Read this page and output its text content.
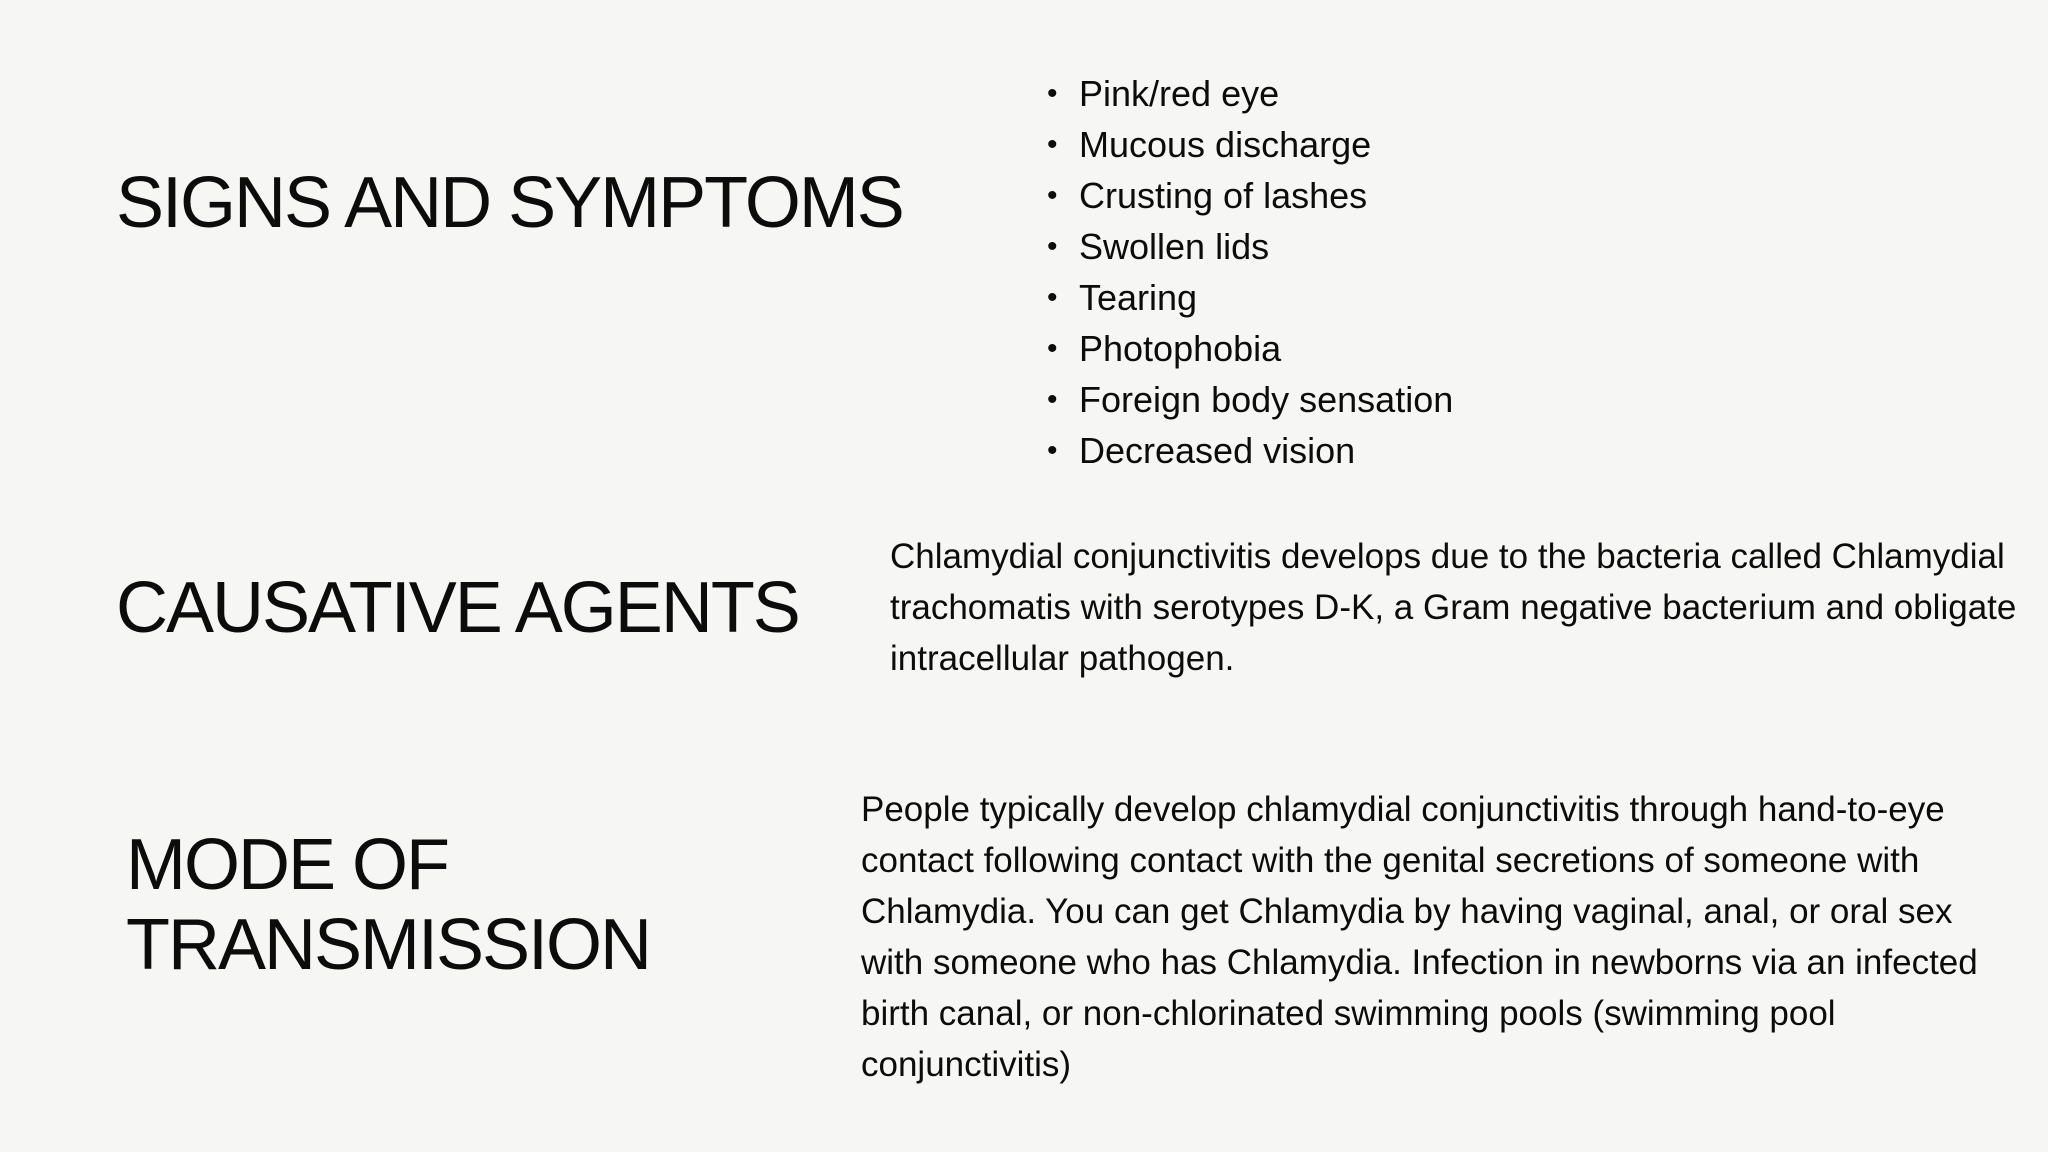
SIGNS AND SYMPTOMS
• Pink/red eye
• Mucous discharge
• Crusting of lashes
• Swollen lids
• Tearing
• Photophobia
• Foreign body sensation
• Decreased vision
CAUSATIVE AGENTS

Chlamydial conjunctivitis develops due to the bacteria called Chlamydial trachomatis with serotypes D-K, a Gram negative bacterium and obligate intracellular pathogen.

MODE OF
TRANSMISSION

People typically develop chlamydial conjunctivitis through hand-to-eye contact following contact with the genital secretions of someone with Chlamydia. You can get Chlamydia by having vaginal, anal, or oral sex with someone who has Chlamydia. Infection in newborns via an infected birth canal, or non-chlorinated swimming pools (swimming pool conjunctivitis)
